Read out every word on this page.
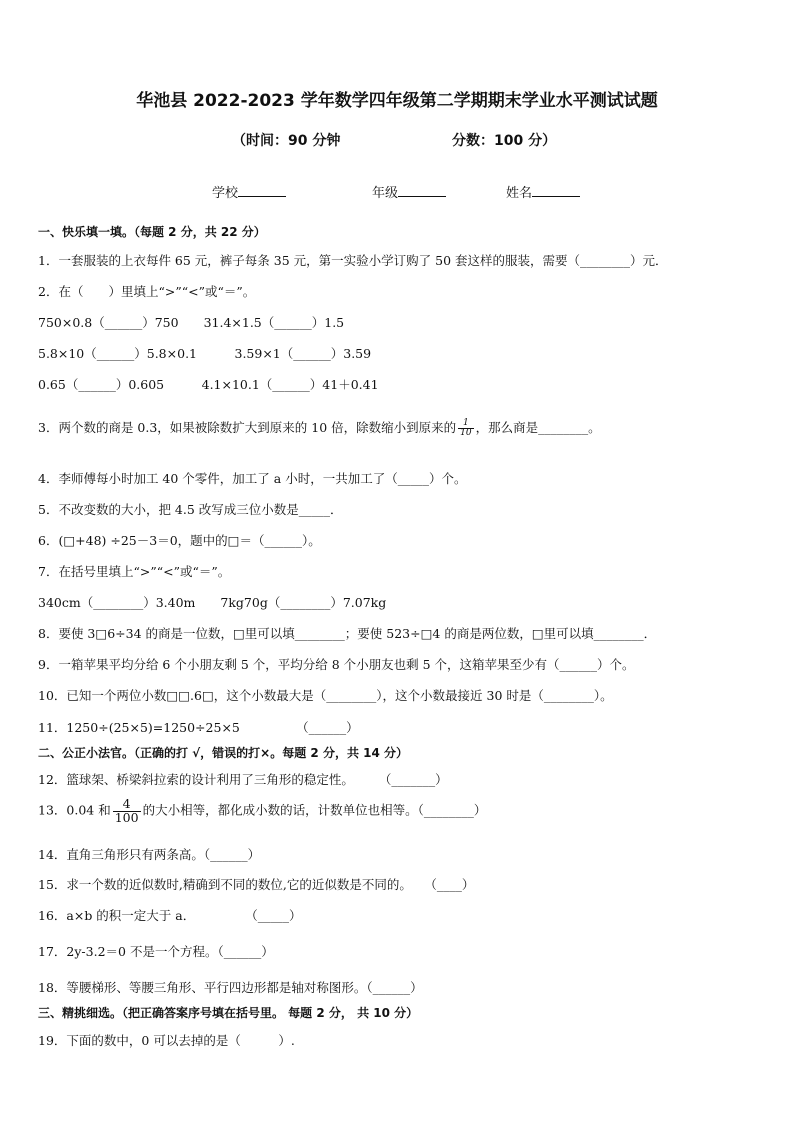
华池县 2022-2023 学年数学四年级第二学期期末学业水平测试试题
（时间：90 分钟	分数：100 分）
学校	年级	姓名
一、快乐填一填。（每题 2 分，共 22 分）
1．一套服装的上衣每件 65 元，裤子每条 35 元，第一实验小学订购了 50 套这样的服装，需要（________）元．
2．在（　　）里填上“>”“<”或“＝”。
750×0.8（______）750　　31.4×1.5（______）1.5
5.8×10（______）5.8×0.1　　　3.59×1（______）3.59
0.65（______）0.605　　　4.1×10.1（______）41＋0.41
3．两个数的商是 0.3，如果被除数扩大到原来的 10 倍，除数缩小到原来的 $\frac{1}{10}$ ，那么商是________。
4．李师傅每小时加工 40 个零件，加工了 a 小时，一共加工了（_____）个。
5．不改变数的大小，把 4.5 改写成三位小数是_____．
6．(□+48) ÷25－3＝0，题中的□＝（______）。
7．在括号里填上“>”“<”或“＝”。
340cm（________）3.40m　　7kg70g（________）7.07kg
8．要使 3□6÷34 的商是一位数，□里可以填________；要使 523÷□4 的商是两位数，□里可以填________．
9．一箱苹果平均分给 6 个小朋友剩 5 个，平均分给 8 个小朋友也剩 5 个，这箱苹果至少有（______）个。
10．已知一个两位小数□□.6□，这个小数最大是（________），这个小数最接近 30 时是（________）。
11．1250÷(25×5)=1250÷25×5　　　　　（______）
二、公正小法官。（正确的打 √，错误的打×。每题 2 分，共 14 分）
12．篮球架、桥梁斜拉索的设计利用了三角形的稳定性。　　　（_______）
13．0.04 和 $\frac{4}{100}$ 的大小相等，都化成小数的话，计数单位也相等。（________）
14．直角三角形只有两条高。（______）
15．求一个数的近似数时,精确到不同的数位,它的近似数是不同的。　　（____）
16．a×b 的积一定大于 a．　　　　　（_____）
17．2y-3.2＝0 不是一个方程。（______）
18．等腰梯形、等腰三角形、平行四边形都是轴对称图形。（______）
三、精挑细选。（把正确答案序号填在括号里。 每题 2 分， 共 10 分）
19．下面的数中，0 可以去掉的是（　　　）.
